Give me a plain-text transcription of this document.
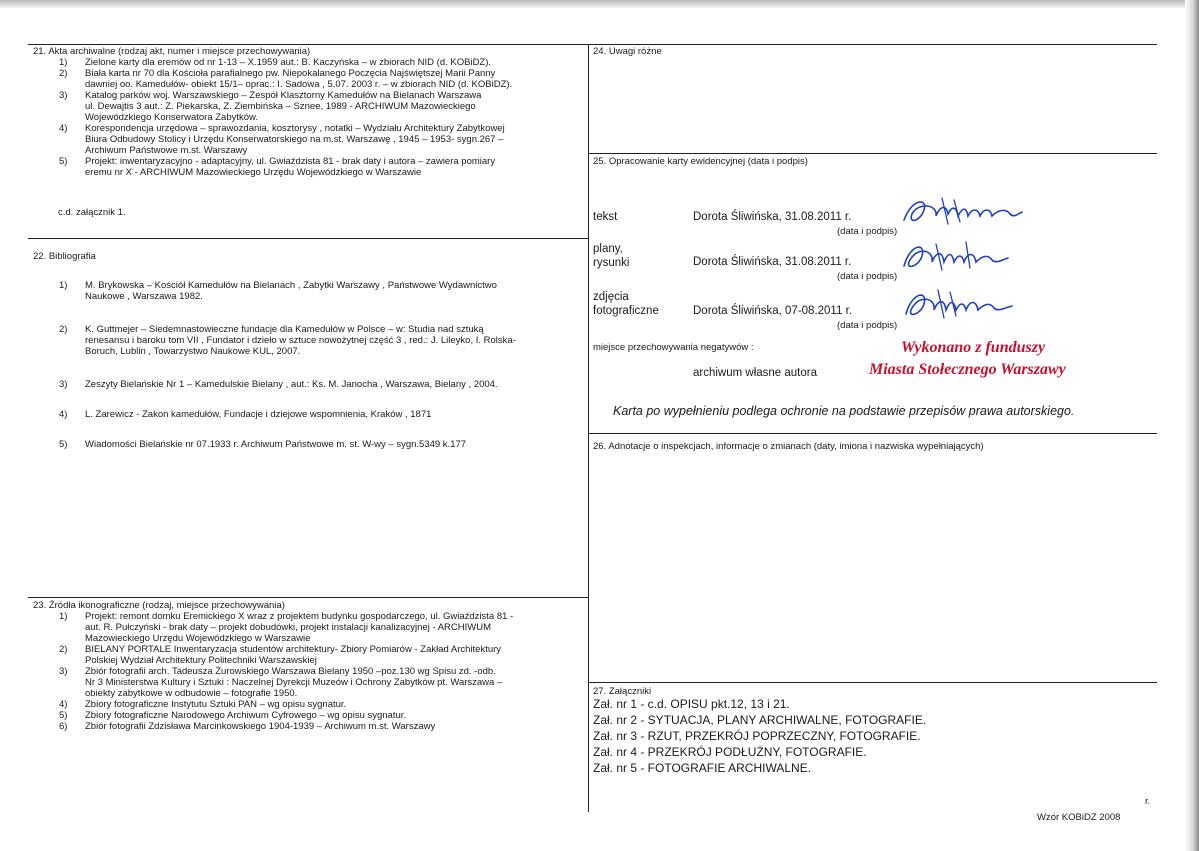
21. Akta archiwalne (rodzaj akt, numer i miejsce przechowywania)
1) Zielone karty dla eremów od nr 1-13 – X.1959 aut.: B. Kaczyńska – w zbiorach NID (d. KOBiDZ).
2) Biała karta nr 70 dla Kościoła parafialnego pw. Niepokalanego Poczęcia Najświętszej Marii Panny
dawniej oo. Kamedułów- obiekt 15/1– oprac.: I. Sadowa , 5.07. 2003 r. – w zbiorach NID (d. KOBiDZ).
3) Katalog parków woj. Warszawskiego – Zespół Klasztorny Kamedułów na Bielanach Warszawa
ul. Dewajtis 3 aut.: Z. Piekarska, Z. Ziembińska – Sznee, 1989 - ARCHIWUM Mazowieckiego
Wojewódzkiego Konserwatora Zabytków.
4) Korespondencja urzędowa – sprawozdania, kosztorysy , notatki – Wydziału Architektury Zabytkowej
Biura Odbudowy Stolicy i Urzędu Konserwatorskiego na m.st. Warszawę , 1945 – 1953- sygn.267 –
Archiwum Państwowe m.st. Warszawy
5) Projekt: inwentaryzacyjno - adaptacyjny, ul. Gwiaździsta 81 - brak daty i autora – zawiera pomiary
eremu nr X - ARCHIWUM Mazowieckiego Urzędu Wojewódzkiego w Warszawie
c.d. załącznik 1.
22. Bibliografia
1) M. Brykowska – Kościół Kamedułów na Bielanach , Zabytki Warszawy , Państwowe Wydawnictwo
Naukowe , Warszawa 1982.
2) K. Guttmejer – Siedemnastowieczne fundacje dla Kamedułów w Polsce – w: Studia nad sztuką
renesansu i baroku tom VII , Fundator i dzieło w sztuce nowożytnej część 3 , red.: J. Lileyko, I. Rolska-
Boruch, Lublin , Towarzystwo Naukowe KUL, 2007.
3) Zeszyty Bielańskie Nr 1 – Kamedulskie Bielany , aut.: Ks. M. Janocha , Warszawa, Bielany , 2004.
4) L. Zarewicz - Zakon kamedułów, Fundacje i dziejowe wspomnienia, Kraków , 1871
5) Wiadomości Bielańskie nr 07.1933 r. Archiwum Państwowe m. st. W-wy – sygn.5349 k.177
23. Źródła ikonograficzne (rodzaj, miejsce przechowywania)
1) Projekt: remont domku Eremickiego X wraz z projektem budynku gospodarczego, ul. Gwiaździsta 81 -
aut. R. Pułczyński - brak daty – projekt dobudówki, projekt instalacji kanalizacyjnej - ARCHIWUM
Mazowieckiego Urzędu Wojewódzkiego w Warszawie
2) BIELANY PORTALE Inwentaryzacja studentów architektury- Zbiory Pomiarów - Zakład Architektury
Polskiej Wydział Architektury Politechniki Warszawskiej
3) Zbiór fotografii arch. Tadeusza Żurowskiego Warszawa Bielany 1950 –poz.130 wg Spisu zd. -odb.
Nr 3 Ministerstwa Kultury i Sztuki : Naczelnej Dyrekcji Muzeów i Ochrony Zabytków pt. Warszawa –
obiekty zabytkowe w odbudowie – fotografie 1950.
4) Zbiory fotograficzne Instytutu Sztuki PAN – wg opisu sygnatur.
5) Zbiory fotograficzne Narodowego Archiwum Cyfrowego – wg opisu sygnatur.
6) Zbiór fotografii Zdzisława Marcinkowskiego 1904-1939 – Archiwum m.st. Warszawy
24. Uwagi różne
25. Opracowanie karty ewidencyjnej (data i podpis)
tekst	Dorota Śliwińska, 31.08.2011 r.
(data i podpis)
plany,
rysunki	Dorota Śliwińska, 31.08.2011 r.
(data i podpis)
zdjęcia
fotograficzne	Dorota Śliwińska, 07-08.2011 r.
(data i podpis)
miejsce przechowywania negatywów :
archiwum własne autora
Wykonano z funduszy
Miasta Stołecznego Warszawy
Karta po wypełnieniu podlega ochronie na podstawie przepisów prawa autorskiego.
26. Adnotacje o inspekcjach, informacje o zmianach (daty, imiona i nazwiska wypełniających)
27. Załączniki
Zał. nr 1 - c.d. OPISU pkt.12, 13 i 21.
Zał. nr 2 - SYTUACJA, PLANY ARCHIWALNE, FOTOGRAFIE.
Zał. nr 3 - RZUT, PRZEKRÓJ POPRZECZNY, FOTOGRAFIE.
Zał. nr 4 - PRZEKRÓJ PODŁUŻNY, FOTOGRAFIE.
Zał. nr 5 - FOTOGRAFIE ARCHIWALNE.
r.
Wzór KOBiDZ 2008
